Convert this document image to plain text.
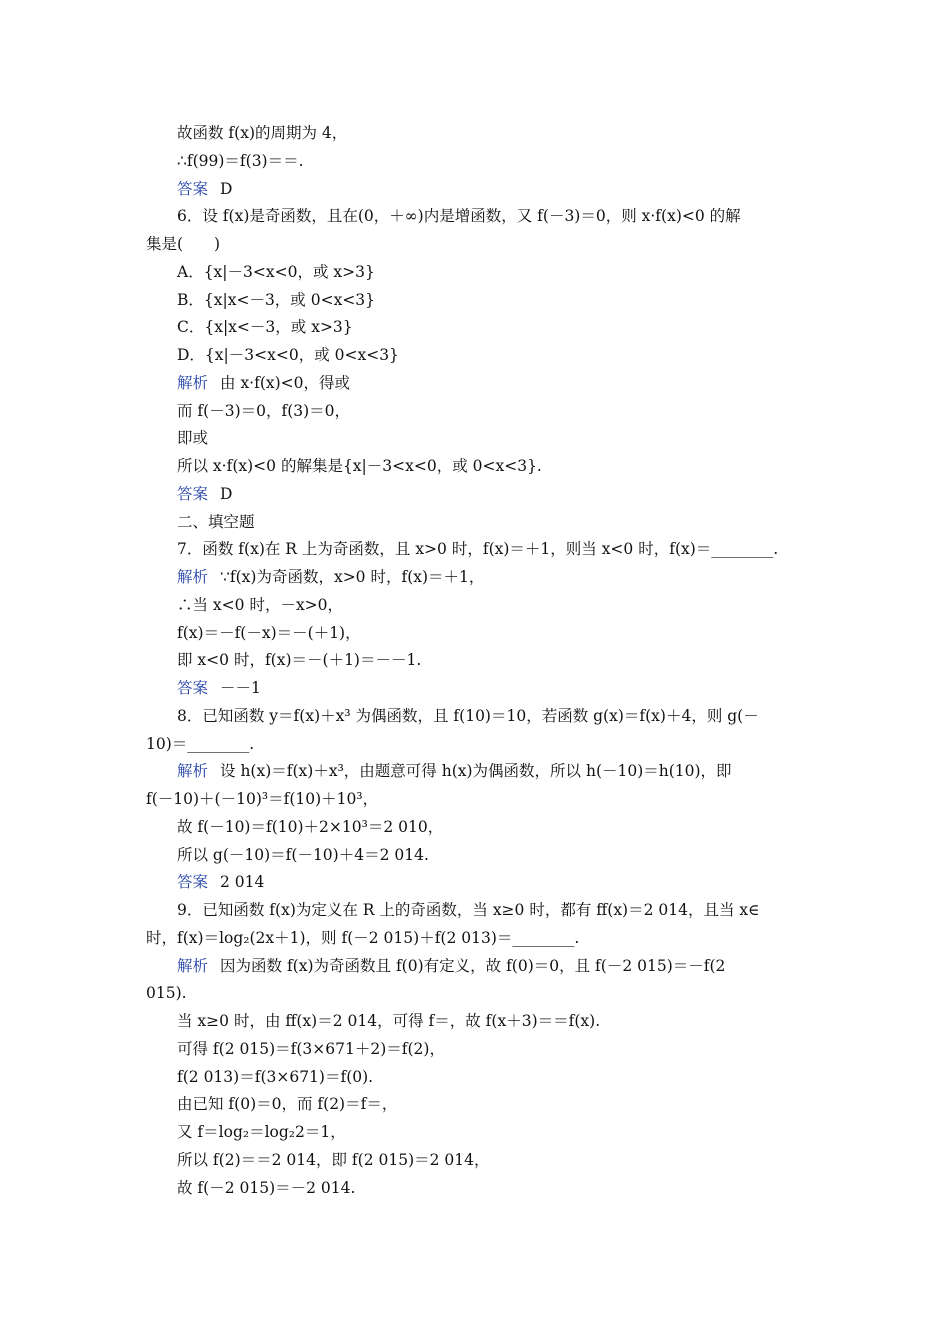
故函数 f(x)的周期为 4，
∴f(99)＝f(3)＝＝.
答案 D
6．设 f(x)是奇函数，且在(0，＋∞)内是增函数，又 f(－3)＝0，则 x·f(x)<0 的解
集是(　　)
A．{x|－3<x<0，或 x>3}
B．{x|x<－3，或 0<x<3}
C．{x|x<－3，或 x>3}
D．{x|－3<x<0，或 0<x<3}
解析 由 x·f(x)<0，得或
而 f(－3)＝0，f(3)＝0，
即或
所以 x·f(x)<0 的解集是{x|－3<x<0，或 0<x<3}.
答案 D
二、填空题
7．函数 f(x)在 R 上为奇函数，且 x>0 时，f(x)＝＋1，则当 x<0 时，f(x)＝________.
解析 ∵f(x)为奇函数，x>0 时，f(x)＝＋1，
∴当 x<0 时，－x>0，
f(x)＝－f(－x)＝－(＋1)，
即 x<0 时，f(x)＝－(＋1)＝－－1.
答案 －－1
8．已知函数 y＝f(x)＋x³ 为偶函数，且 f(10)＝10，若函数 g(x)＝f(x)＋4，则 g(－
10)＝________.
解析 设 h(x)＝f(x)＋x³，由题意可得 h(x)为偶函数，所以 h(－10)＝h(10)，即
f(－10)＋(－10)³＝f(10)＋10³，
故 f(－10)＝f(10)＋2×10³＝2 010，
所以 g(－10)＝f(－10)＋4＝2 014.
答案 2 014
9．已知函数 f(x)为定义在 R 上的奇函数，当 x≥0 时，都有 ff(x)＝2 014，且当 x∈
时，f(x)＝log₂(2x＋1)，则 f(－2 015)＋f(2 013)＝________.
解析 因为函数 f(x)为奇函数且 f(0)有定义，故 f(0)＝0，且 f(－2 015)＝－f(2
015).
当 x≥0 时，由 ff(x)＝2 014，可得 f＝，故 f(x＋3)＝＝f(x).
可得 f(2 015)＝f(3×671＋2)＝f(2)，
f(2 013)＝f(3×671)＝f(0).
由已知 f(0)＝0，而 f(2)＝f＝，
又 f＝log₂＝log₂2＝1，
所以 f(2)＝＝2 014，即 f(2 015)＝2 014，
故 f(－2 015)＝－2 014.
